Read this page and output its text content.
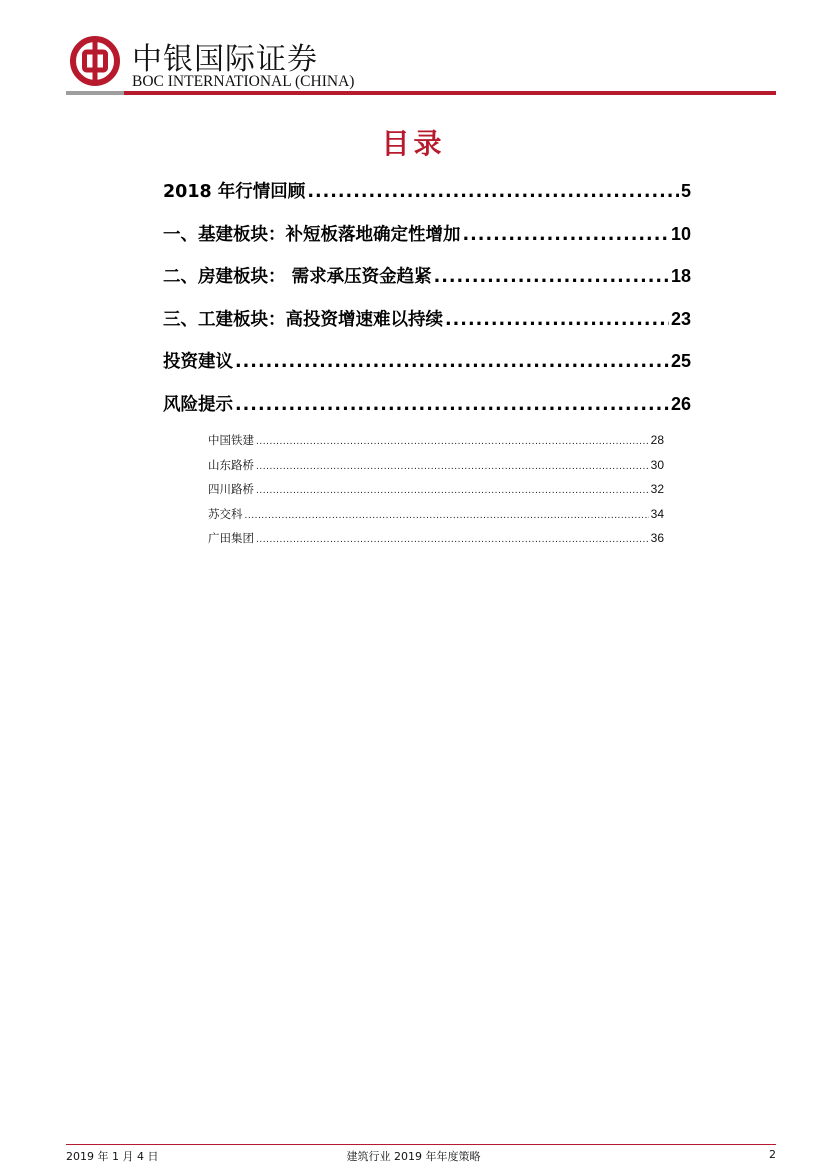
中银国际证券
BOC INTERNATIONAL (CHINA)
目录
2018 年行情回顾 .....	5
一、基建板块：补短板落地确定性增加 .....	10
二、房建板块： 需求承压资金趋紧 .....	18
三、工建板块：高投资增速难以持续 .....	23
投资建议 .....	25
风险提示 .....	26
中国铁建 .....	28
山东路桥 .....	30
四川路桥 .....	32
苏交科 .....	34
广田集团 .....	36
2019 年 1 月 4 日	建筑行业 2019 年年度策略	2
